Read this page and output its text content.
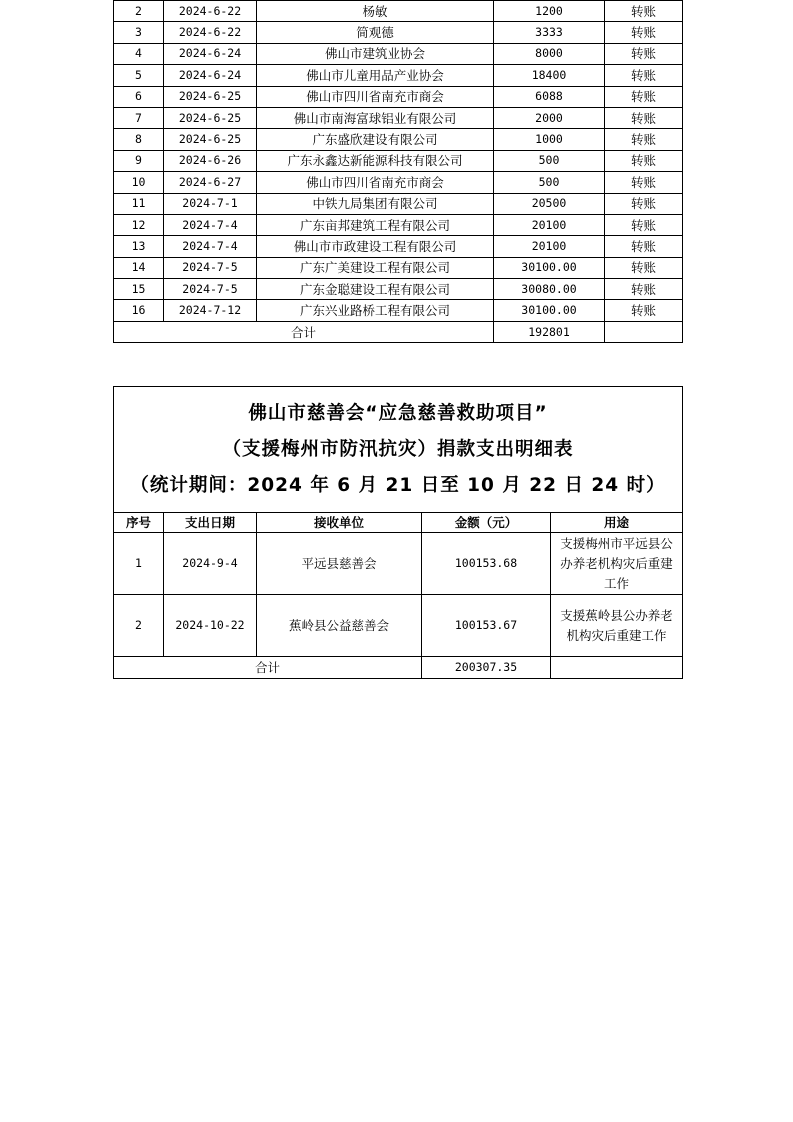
2	2024-6-22	杨敏	1200	转账
3	2024-6-22	简观德	3333	转账
4	2024-6-24	佛山市建筑业协会	8000	转账
5	2024-6-24	佛山市儿童用品产业协会	18400	转账
6	2024-6-25	佛山市四川省南充市商会	6088	转账
7	2024-6-25	佛山市南海富球铝业有限公司	2000	转账
8	2024-6-25	广东盛欣建设有限公司	1000	转账
9	2024-6-26	广东永鑫达新能源科技有限公司	500	转账
10	2024-6-27	佛山市四川省南充市商会	500	转账
11	2024-7-1	中铁九局集团有限公司	20500	转账
12	2024-7-4	广东亩邦建筑工程有限公司	20100	转账
13	2024-7-4	佛山市市政建设工程有限公司	20100	转账
14	2024-7-5	广东广美建设工程有限公司	30100.00	转账
15	2024-7-5	广东金聪建设工程有限公司	30080.00	转账
16	2024-7-12	广东兴业路桥工程有限公司	30100.00	转账
合计			192801	
佛山市慈善会“应急慈善救助项目”
（支援梅州市防汛抗灾）捐款支出明细表
（统计期间：2024 年 6 月 21 日至 10 月 22 日 24 时）				

序号	支出日期	接收单位	金额（元）	用途
1	2024-9-4	平远县慈善会	100153.68	支援梅州市平远县公办养老机构灾后重建工作
2	2024-10-22	蕉岭县公益慈善会	100153.67	支援蕉岭县公办养老机构灾后重建工作
合计			200307.35	
